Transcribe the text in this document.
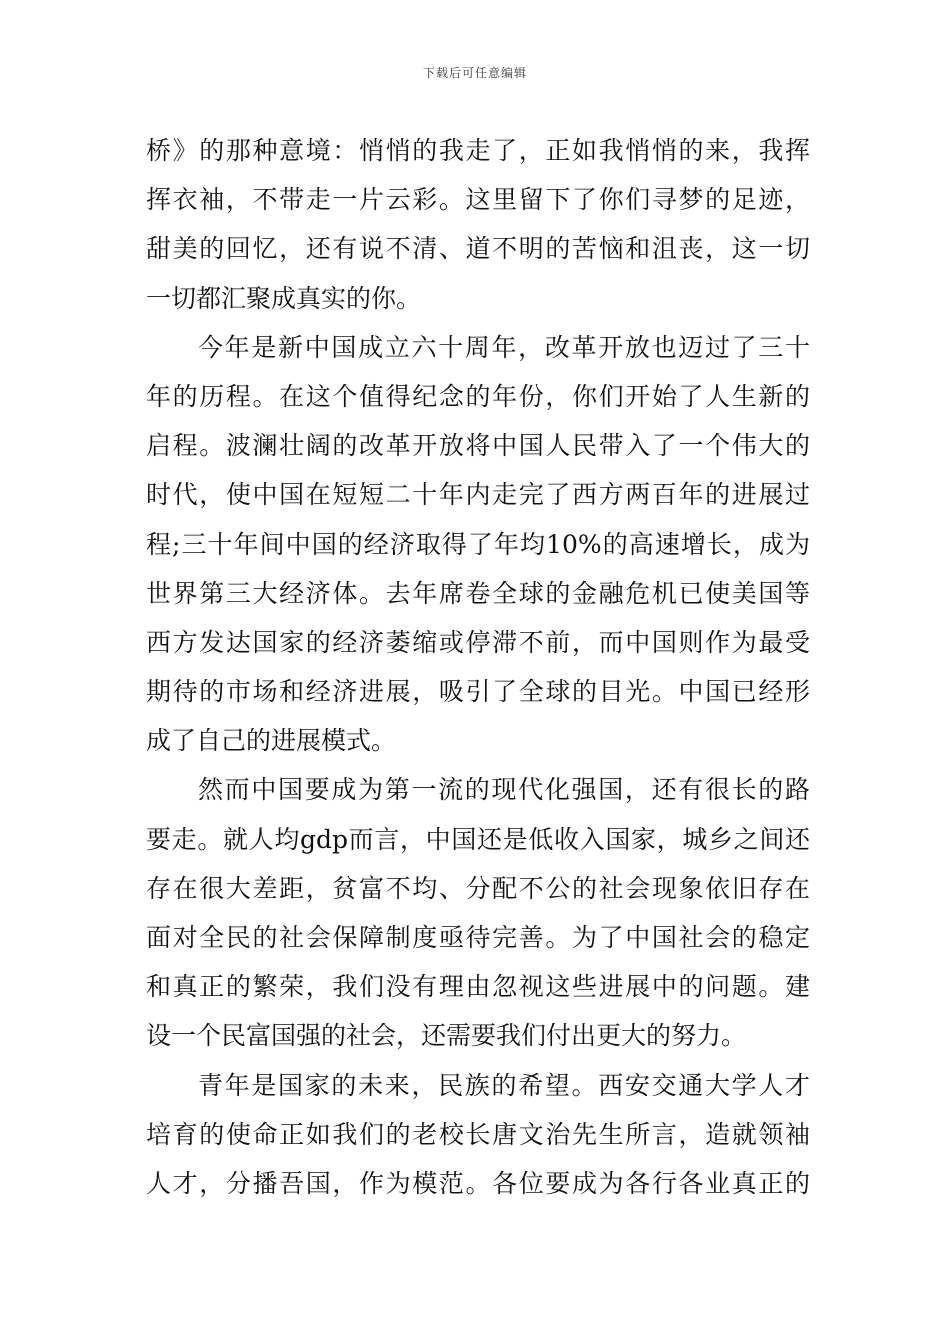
下载后可任意编辑
桥》的那种意境：悄悄的我走了，正如我悄悄的来，我挥
挥衣袖，不带走一片云彩。这里留下了你们寻梦的足迹，
甜美的回忆，还有说不清、道不明的苦恼和沮丧，这一切
一切都汇聚成真实的你。
今年是新中国成立六十周年，改革开放也迈过了三十
年的历程。在这个值得纪念的年份，你们开始了人生新的
启程。波澜壮阔的改革开放将中国人民带入了一个伟大的
时代，使中国在短短二十年内走完了西方两百年的进展过
程;三十年间中国的经济取得了年均10%的高速增长，成为
世界第三大经济体。去年席卷全球的金融危机已使美国等
西方发达国家的经济萎缩或停滞不前，而中国则作为最受
期待的市场和经济进展，吸引了全球的目光。中国已经形
成了自己的进展模式。
然而中国要成为第一流的现代化强国，还有很长的路
要走。就人均gdp而言，中国还是低收入国家，城乡之间还
存在很大差距，贫富不均、分配不公的社会现象依旧存在
面对全民的社会保障制度亟待完善。为了中国社会的稳定
和真正的繁荣，我们没有理由忽视这些进展中的问题。建
设一个民富国强的社会，还需要我们付出更大的努力。
青年是国家的未来，民族的希望。西安交通大学人才
培育的使命正如我们的老校长唐文治先生所言，造就领袖
人才，分播吾国，作为模范。各位要成为各行各业真正的
